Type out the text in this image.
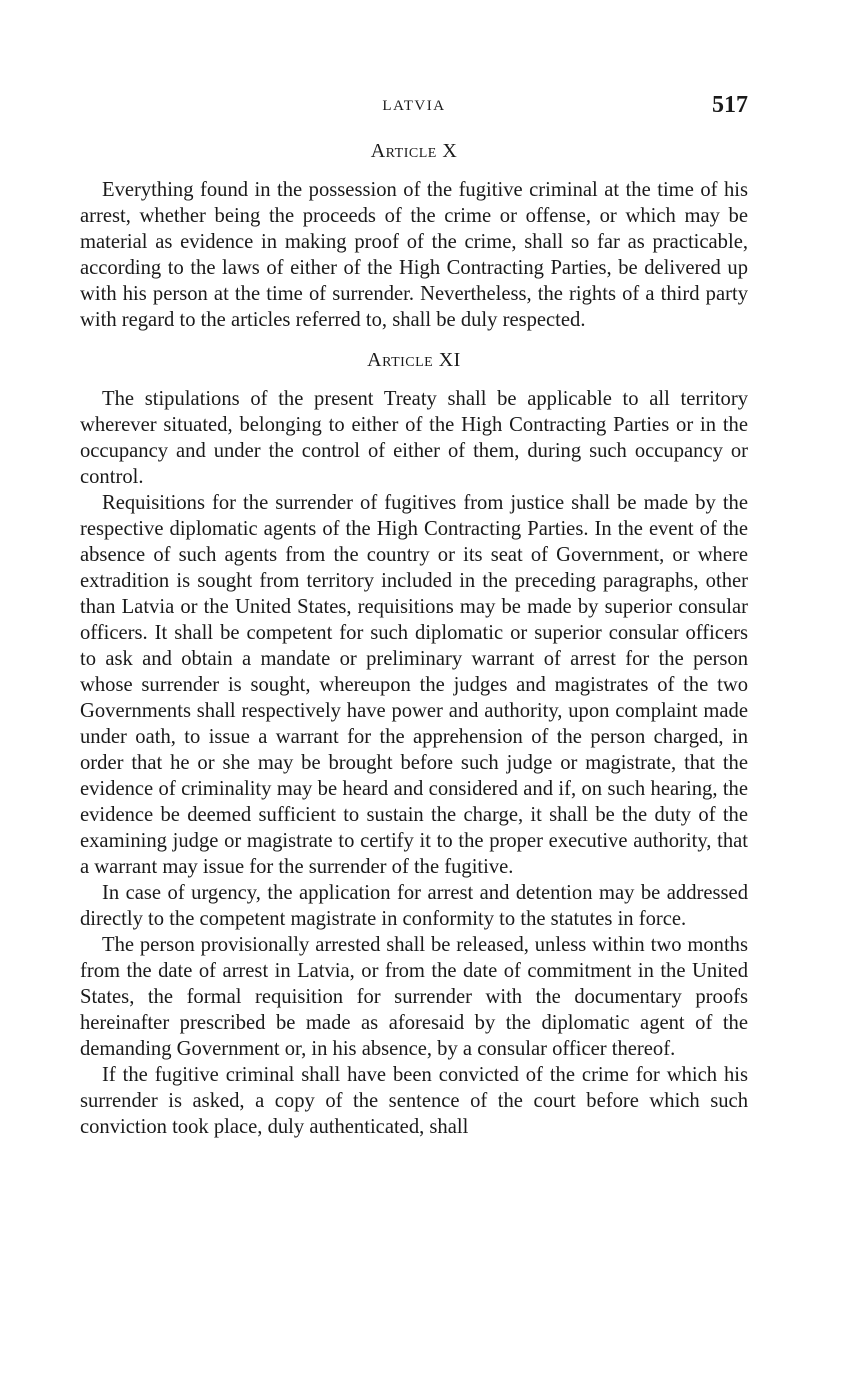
LATVIA	517
Article X

Everything found in the possession of the fugitive criminal at the time of his arrest, whether being the proceeds of the crime or offense, or which may be material as evidence in making proof of the crime, shall so far as practicable, according to the laws of either of the High Contracting Parties, be delivered up with his person at the time of surrender. Nevertheless, the rights of a third party with regard to the articles referred to, shall be duly respected.

Article XI

The stipulations of the present Treaty shall be applicable to all territory wherever situated, belonging to either of the High Contracting Parties or in the occupancy and under the control of either of them, during such occupancy or control.

Requisitions for the surrender of fugitives from justice shall be made by the respective diplomatic agents of the High Contracting Parties. In the event of the absence of such agents from the country or its seat of Government, or where extradition is sought from territory included in the preceding paragraphs, other than Latvia or the United States, requisitions may be made by superior consular officers. It shall be competent for such diplomatic or superior consular officers to ask and obtain a mandate or preliminary warrant of arrest for the person whose surrender is sought, whereupon the judges and magistrates of the two Governments shall respectively have power and authority, upon complaint made under oath, to issue a warrant for the apprehension of the person charged, in order that he or she may be brought before such judge or magistrate, that the evidence of criminality may be heard and considered and if, on such hearing, the evidence be deemed sufficient to sustain the charge, it shall be the duty of the examining judge or magistrate to certify it to the proper executive authority, that a warrant may issue for the surrender of the fugitive.

In case of urgency, the application for arrest and detention may be addressed directly to the competent magistrate in conformity to the statutes in force.

The person provisionally arrested shall be released, unless within two months from the date of arrest in Latvia, or from the date of commitment in the United States, the formal requisition for surrender with the documentary proofs hereinafter prescribed be made as aforesaid by the diplomatic agent of the demanding Government or, in his absence, by a consular officer thereof.

If the fugitive criminal shall have been convicted of the crime for which his surrender is asked, a copy of the sentence of the court before which such conviction took place, duly authenticated, shall
